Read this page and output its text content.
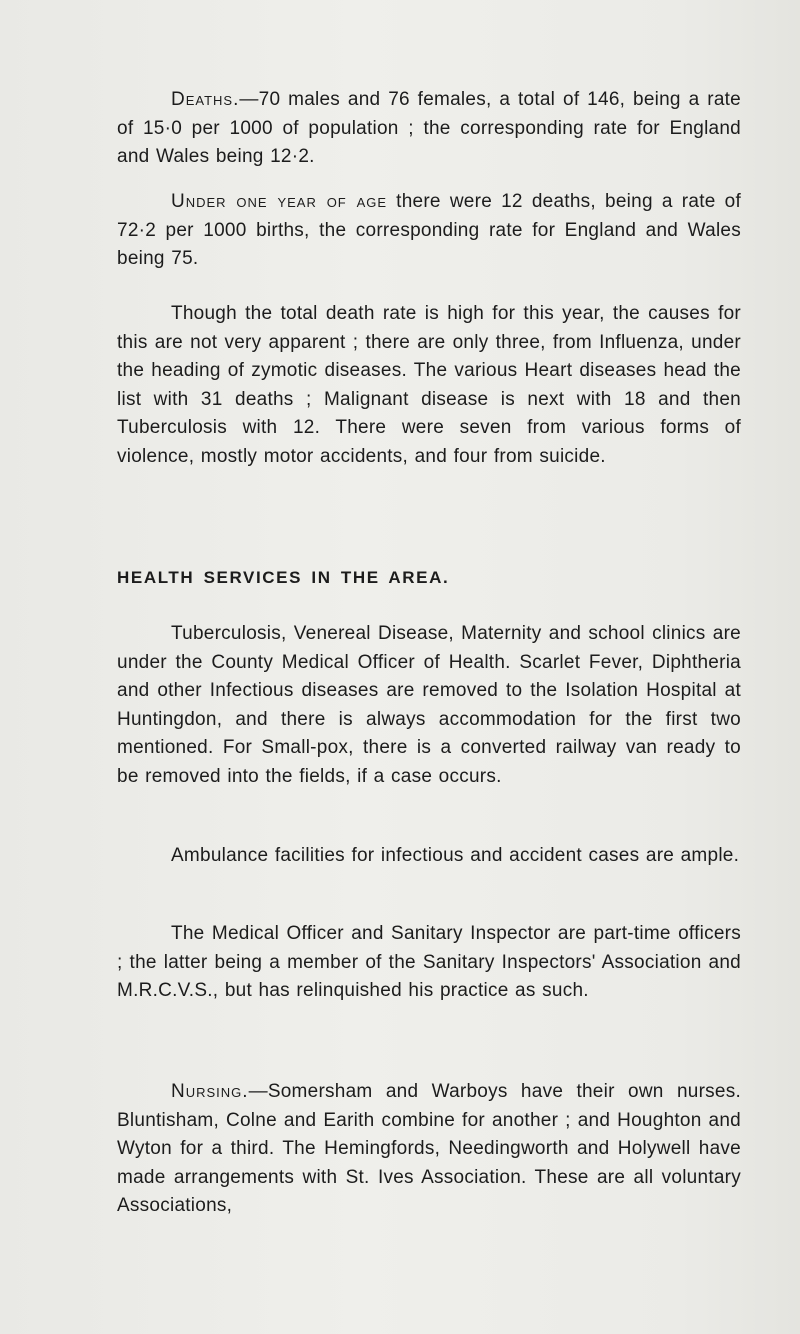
Deaths.—70 males and 76 females, a total of 146, being a rate of 15·0 per 1000 of population ; the corresponding rate for England and Wales being 12·2.

Under one year of age there were 12 deaths, being a rate of 72·2 per 1000 births, the corresponding rate for England and Wales being 75.

Though the total death rate is high for this year, the causes for this are not very apparent ; there are only three, from Influenza, under the heading of zymotic diseases. The various Heart diseases head the list with 31 deaths ; Malignant disease is next with 18 and then Tuberculosis with 12. There were seven from various forms of violence, mostly motor accidents, and four from suicide.

HEALTH SERVICES IN THE AREA.

Tuberculosis, Venereal Disease, Maternity and school clinics are under the County Medical Officer of Health. Scarlet Fever, Diphtheria and other Infectious diseases are removed to the Isolation Hospital at Huntingdon, and there is always accommodation for the first two mentioned. For Small-pox, there is a converted railway van ready to be removed into the fields, if a case occurs.

Ambulance facilities for infectious and accident cases are ample.

The Medical Officer and Sanitary Inspector are part-time officers ; the latter being a member of the Sanitary Inspectors' Association and M.R.C.V.S., but has relinquished his practice as such.

Nursing.—Somersham and Warboys have their own nurses. Bluntisham, Colne and Earith combine for another ; and Houghton and Wyton for a third. The Hemingfords, Needingworth and Holywell have made arrangements with St. Ives Association. These are all voluntary Associations,
